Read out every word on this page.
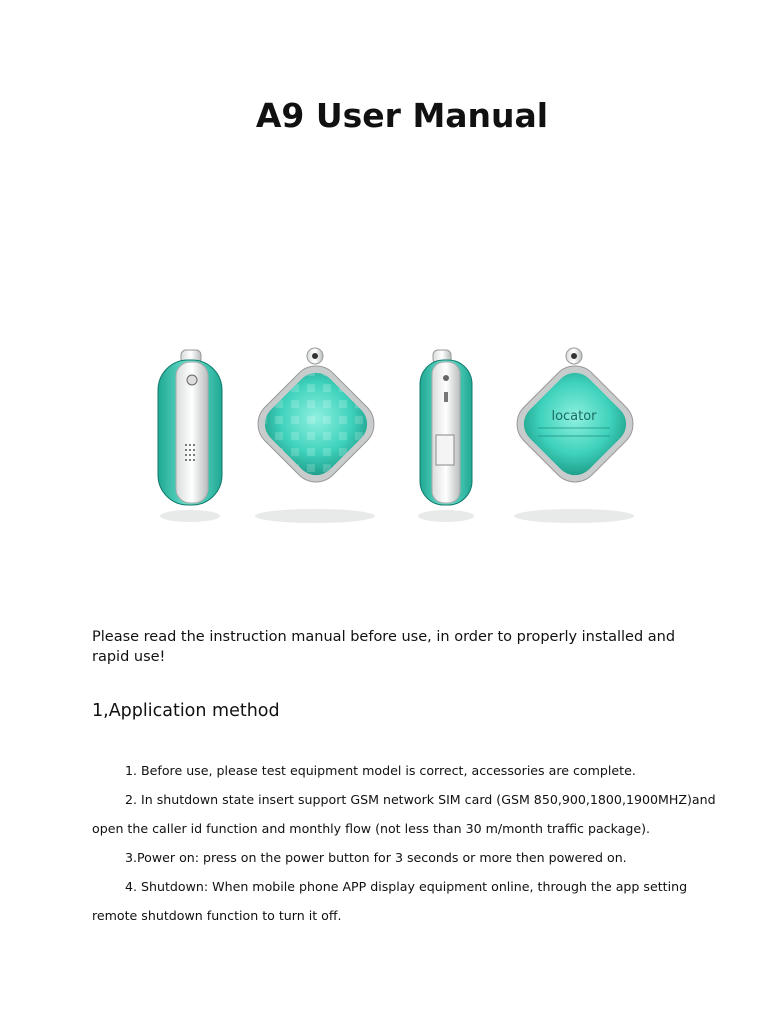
A9 User Manual
locator

Please read the instruction manual before use, in order to properly installed and rapid use!

1,Application method
1. Before use, please test equipment model is correct, accessories are complete.
2. In shutdown state insert support GSM network SIM card (GSM 850,900,1800,1900MHZ)and
open the caller id function and monthly flow (not less than 30 m/month traffic package).
3.Power on: press on the power button for 3 seconds or more then powered on.
4. Shutdown: When mobile phone APP display equipment online, through the app setting
remote shutdown function to turn it off.
